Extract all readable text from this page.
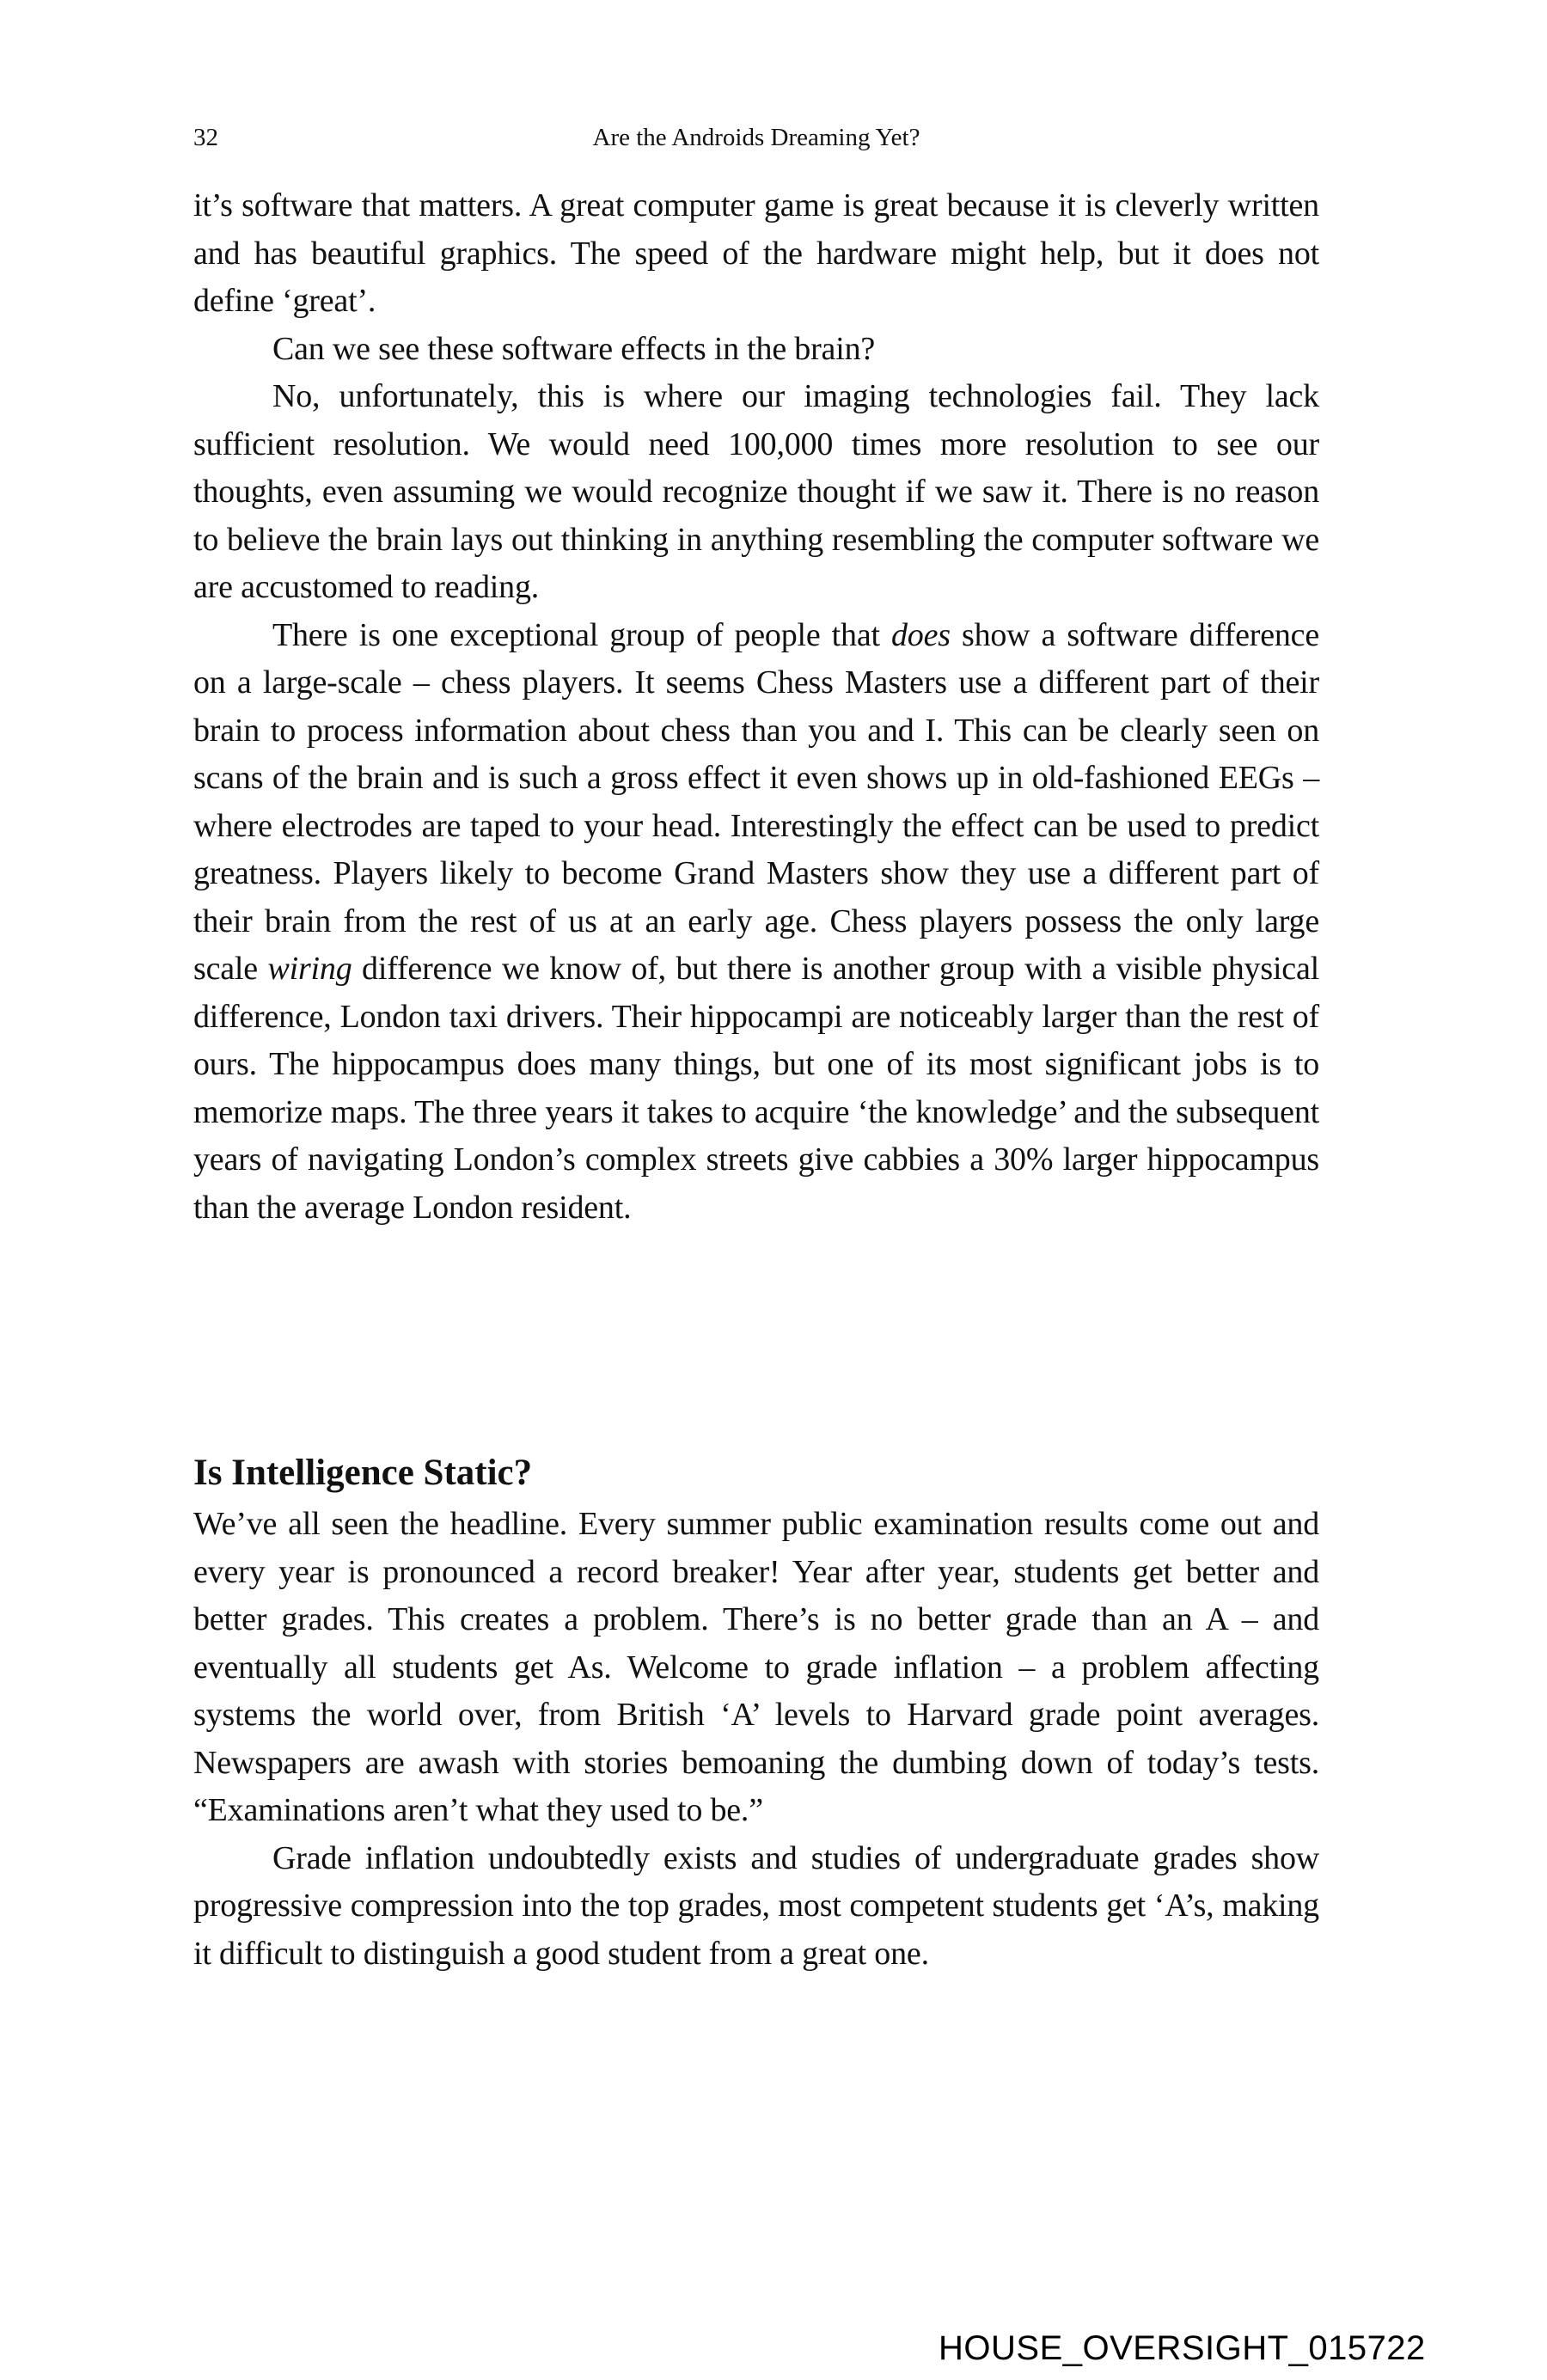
32	Are the Androids Dreaming Yet?

it’s software that matters. A great computer game is great because it is cleverly written and has beautiful graphics. The speed of the hardware might help, but it does not define ‘great’.

Can we see these software effects in the brain?

No, unfortunately, this is where our imaging technologies fail. They lack sufficient resolution. We would need 100,000 times more resolution to see our thoughts, even assuming we would recognize thought if we saw it. There is no reason to believe the brain lays out thinking in anything resembling the computer software we are accustomed to reading.

There is one exceptional group of people that does show a software difference on a large-scale – chess players. It seems Chess Masters use a different part of their brain to process information about chess than you and I. This can be clearly seen on scans of the brain and is such a gross effect it even shows up in old-fashioned EEGs – where electrodes are taped to your head. Interestingly the effect can be used to predict greatness. Players likely to become Grand Masters show they use a different part of their brain from the rest of us at an early age. Chess players possess the only large scale wiring difference we know of, but there is another group with a visible physical difference, London taxi drivers. Their hippocampi are noticeably larger than the rest of ours. The hippocampus does many things, but one of its most significant jobs is to memorize maps. The three years it takes to acquire ‘the knowledge’ and the subsequent years of navigating London’s complex streets give cabbies a 30% larger hippocampus than the average London resident.

Is Intelligence Static?

We’ve all seen the headline. Every summer public examination results come out and every year is pronounced a record breaker! Year after year, students get better and better grades. This creates a problem. There’s is no better grade than an A – and eventually all students get As. Welcome to grade inflation – a problem affecting systems the world over, from British ‘A’ levels to Harvard grade point averages. Newspapers are awash with stories bemoaning the dumbing down of today’s tests. “Examinations aren’t what they used to be.”

Grade inflation undoubtedly exists and studies of undergraduate grades show progressive compression into the top grades, most competent students get ‘A’s, making it difficult to distinguish a good student from a great one.

HOUSE_OVERSIGHT_015722
